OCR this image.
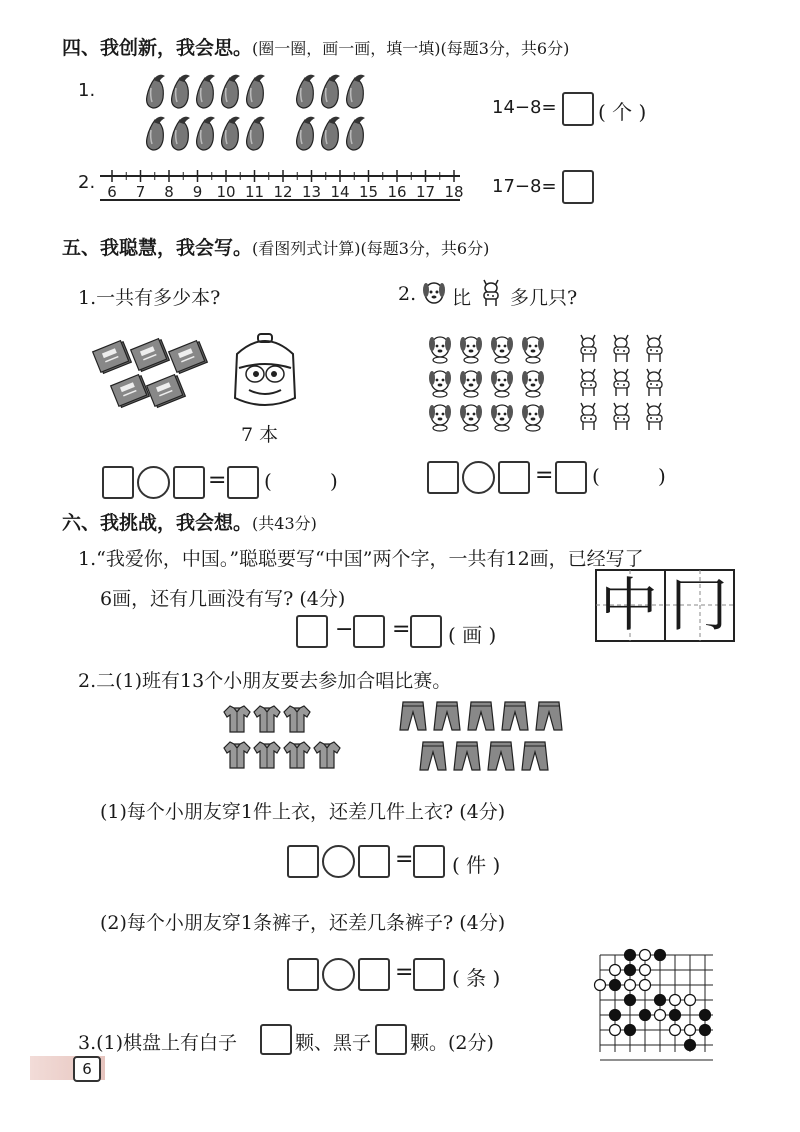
四、我创新，我会思。(圈一圈，画一画，填一填)(每题3分，共6分)
1.
14−8= ( 个 )
2. 6 7 8 9 10 11 12 13 14 15 16 17 18 17−8=
五、我聪慧，我会写。(看图列式计算)(每题3分，共6分)
1.一共有多少本?	2. 比 多几只?
7 本
= (	)	= (	)
六、我挑战，我会想。(共43分)
1.“我爱你，中国。”聪聪要写“中国”两个字，一共有12画，已经写了
6画，还有几画没有写? (4分)	中 冂
− = ( 画 )
2.二(1)班有13个小朋友要去参加合唱比赛。
(1)每个小朋友穿1件上衣，还差几件上衣? (4分)
= ( 件 )
(2)每个小朋友穿1条裤子，还差几条裤子? (4分)
= ( 条 )
3.(1)棋盘上有白子	颗、黑子 颗。(2分)
6
